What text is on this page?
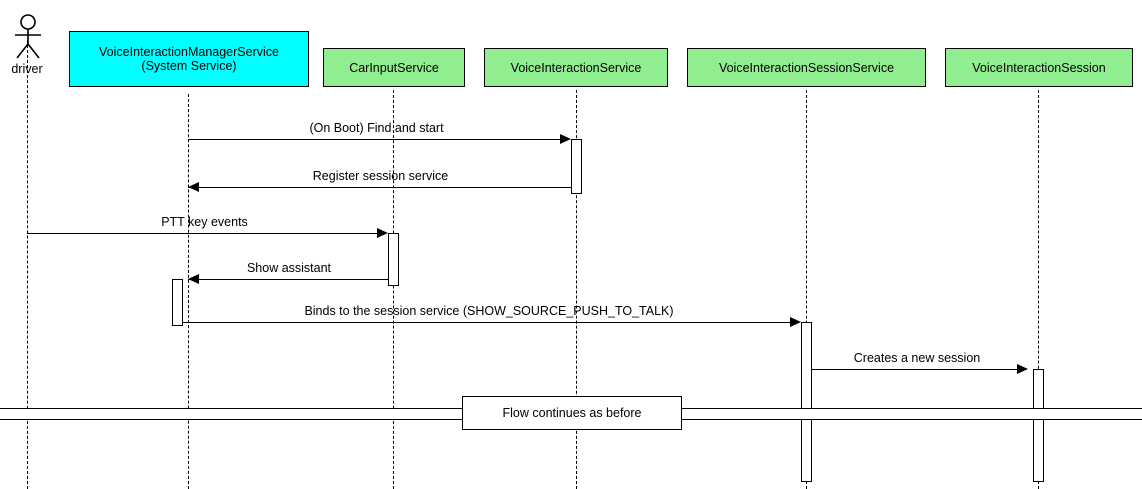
driver
VoiceInteractionManagerService
(System Service)	CarInputService	VoiceInteractionService	VoiceInteractionSessionService	VoiceInteractionSession
(On Boot) Find and start
Register session service
PTT key events
Show assistant
Binds to the session service (SHOW_SOURCE_PUSH_TO_TALK)
Creates a new session
Flow continues as before
